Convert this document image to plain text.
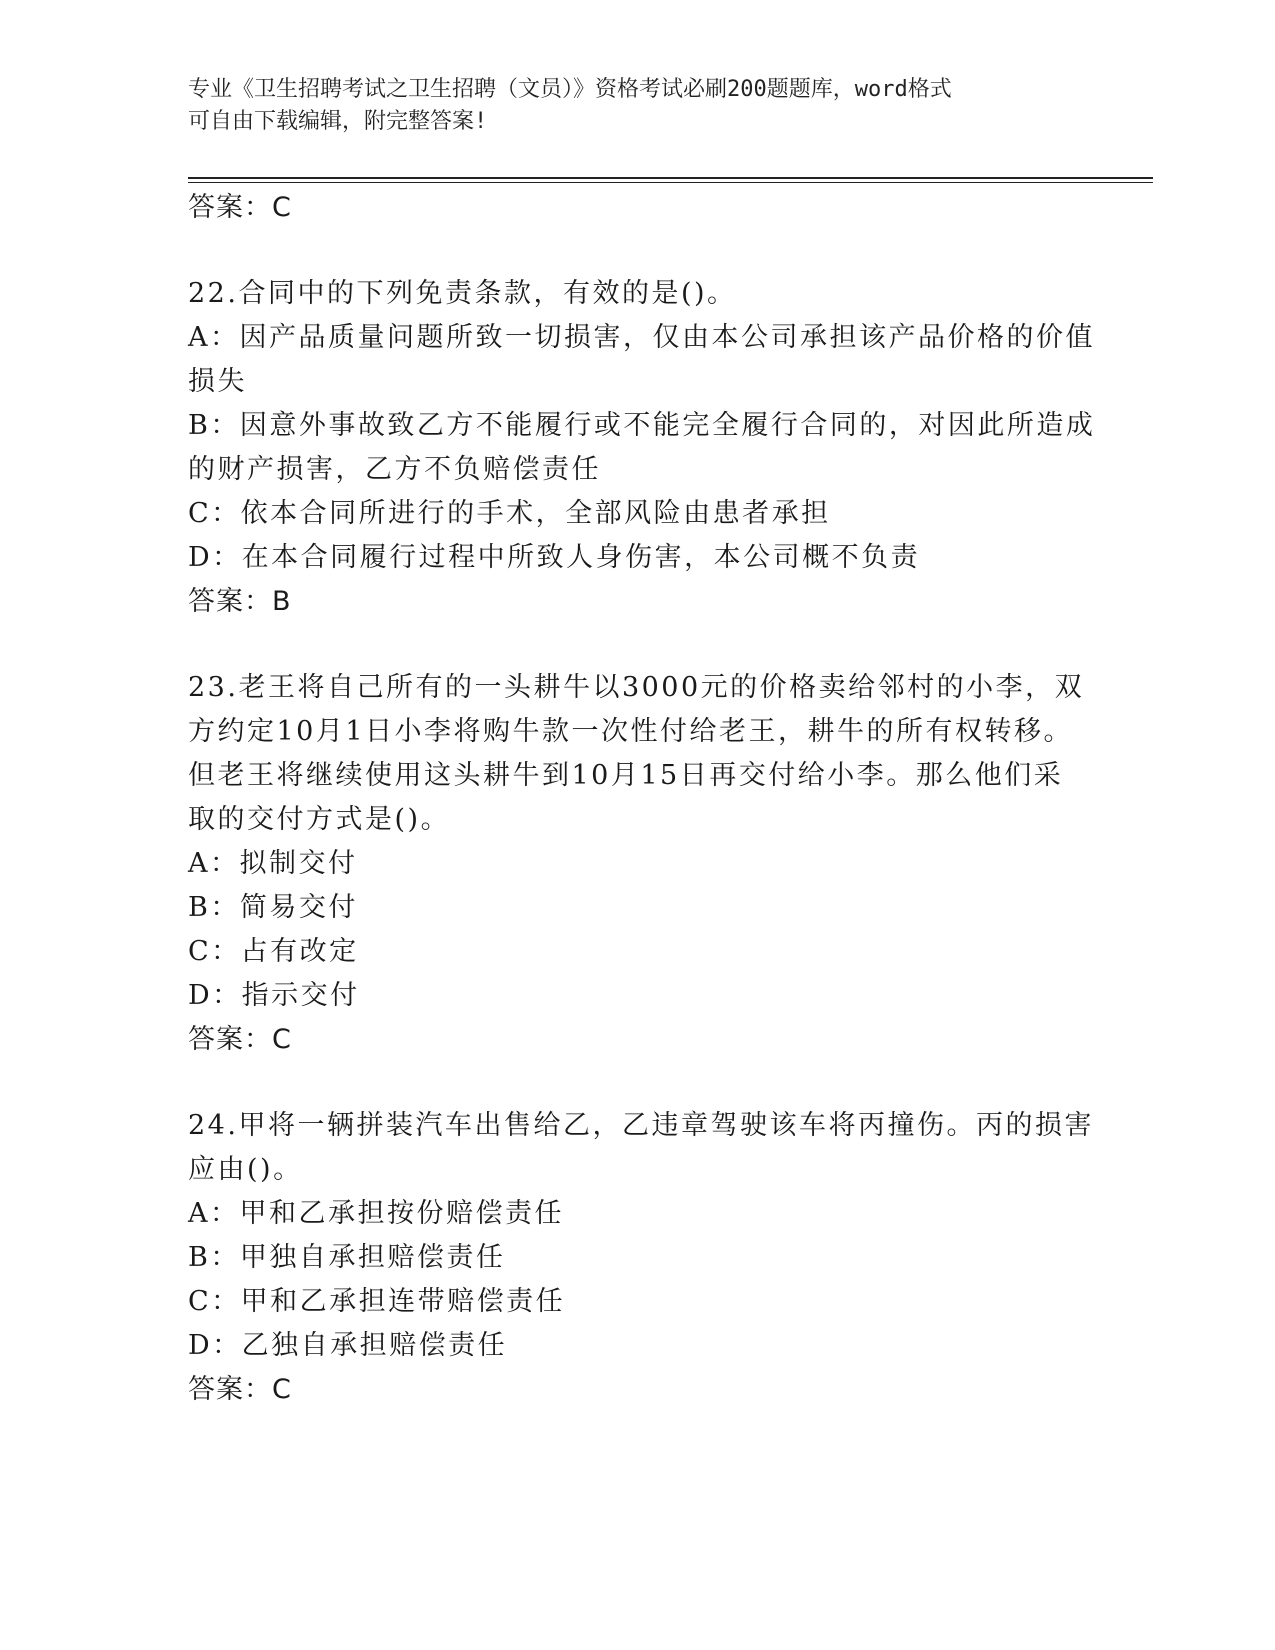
专业《卫生招聘考试之卫生招聘（文员）》资格考试必刷200题题库，word格式
可自由下载编辑，附完整答案!
答案：C
22.合同中的下列免责条款，有效的是()。
A：因产品质量问题所致一切损害，仅由本公司承担该产品价格的价值
损失
B：因意外事故致乙方不能履行或不能完全履行合同的，对因此所造成
的财产损害，乙方不负赔偿责任
C：依本合同所进行的手术，全部风险由患者承担
D：在本合同履行过程中所致人身伤害，本公司概不负责
答案：B
23.老王将自己所有的一头耕牛以3000元的价格卖给邻村的小李，双
方约定10月1日小李将购牛款一次性付给老王，耕牛的所有权转移。
但老王将继续使用这头耕牛到10月15日再交付给小李。那么他们采
取的交付方式是()。
A：拟制交付
B：简易交付
C：占有改定
D：指示交付
答案：C
24.甲将一辆拼装汽车出售给乙，乙违章驾驶该车将丙撞伤。丙的损害
应由()。
A：甲和乙承担按份赔偿责任
B：甲独自承担赔偿责任
C：甲和乙承担连带赔偿责任
D：乙独自承担赔偿责任
答案：C
